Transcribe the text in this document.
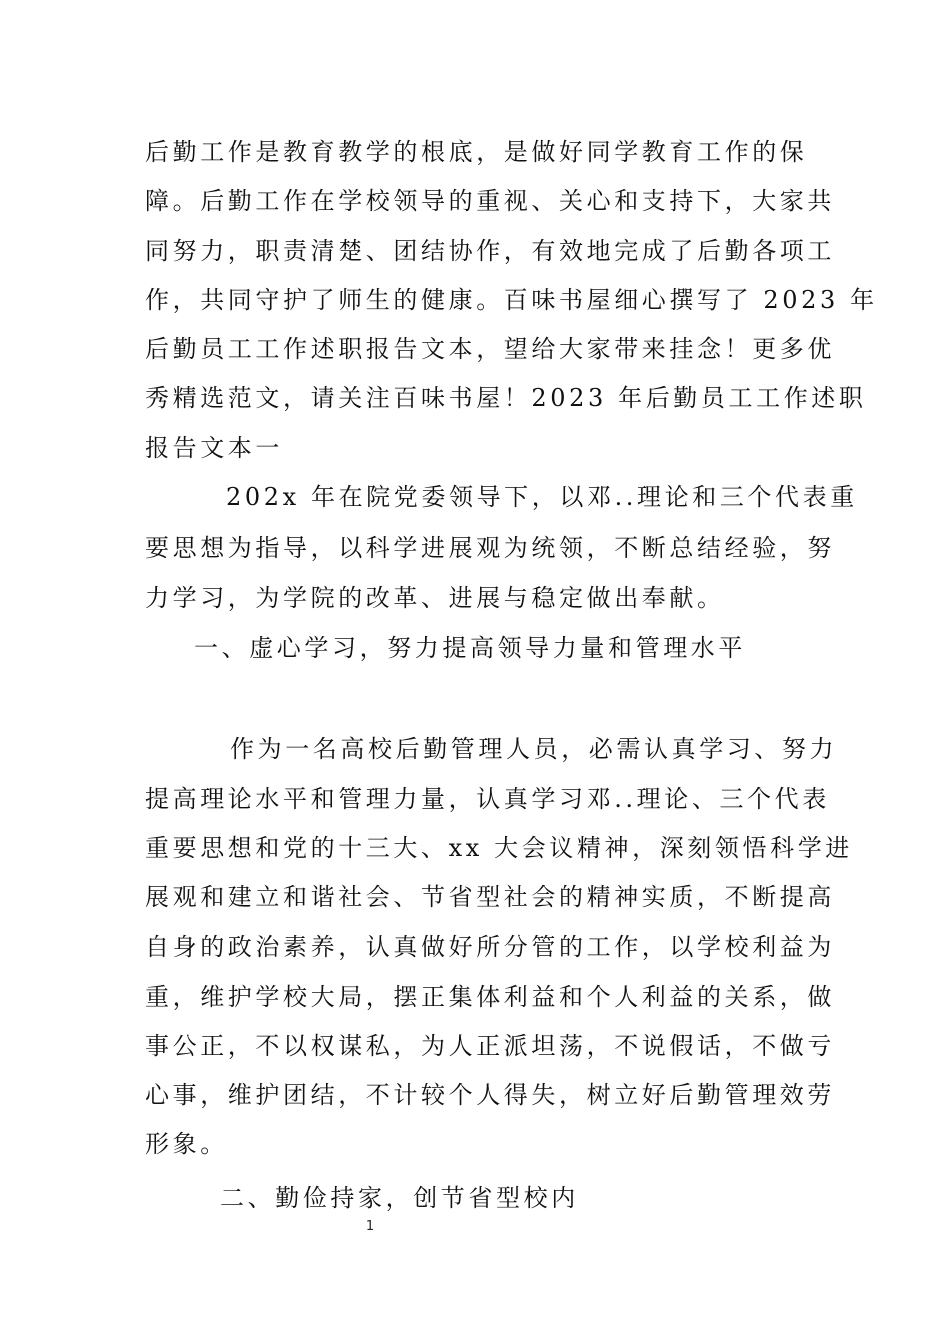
后勤工作是教育教学的根底，是做好同学教育工作的保
障。后勤工作在学校领导的重视、关心和支持下，大家共
同努力，职责清楚、团结协作，有效地完成了后勤各项工
作，共同守护了师生的健康。百味书屋细心撰写了 2023 年
后勤员工工作述职报告文本，望给大家带来挂念！更多优
秀精选范文，请关注百味书屋！2023 年后勤员工工作述职
报告文本一
202x 年在院党委领导下，以邓..理论和三个代表重
要思想为指导，以科学进展观为统领，不断总结经验，努
力学习，为学院的改革、进展与稳定做出奉献。
一、虚心学习，努力提高领导力量和管理水平
作为一名高校后勤管理人员，必需认真学习、努力
提高理论水平和管理力量，认真学习邓..理论、三个代表
重要思想和党的十三大、xx 大会议精神，深刻领悟科学进
展观和建立和谐社会、节省型社会的精神实质，不断提高
自身的政治素养，认真做好所分管的工作，以学校利益为
重，维护学校大局，摆正集体利益和个人利益的关系，做
事公正，不以权谋私，为人正派坦荡，不说假话，不做亏
心事，维护团结，不计较个人得失，树立好后勤管理效劳
形象。
二、勤俭持家，创节省型校内
1
